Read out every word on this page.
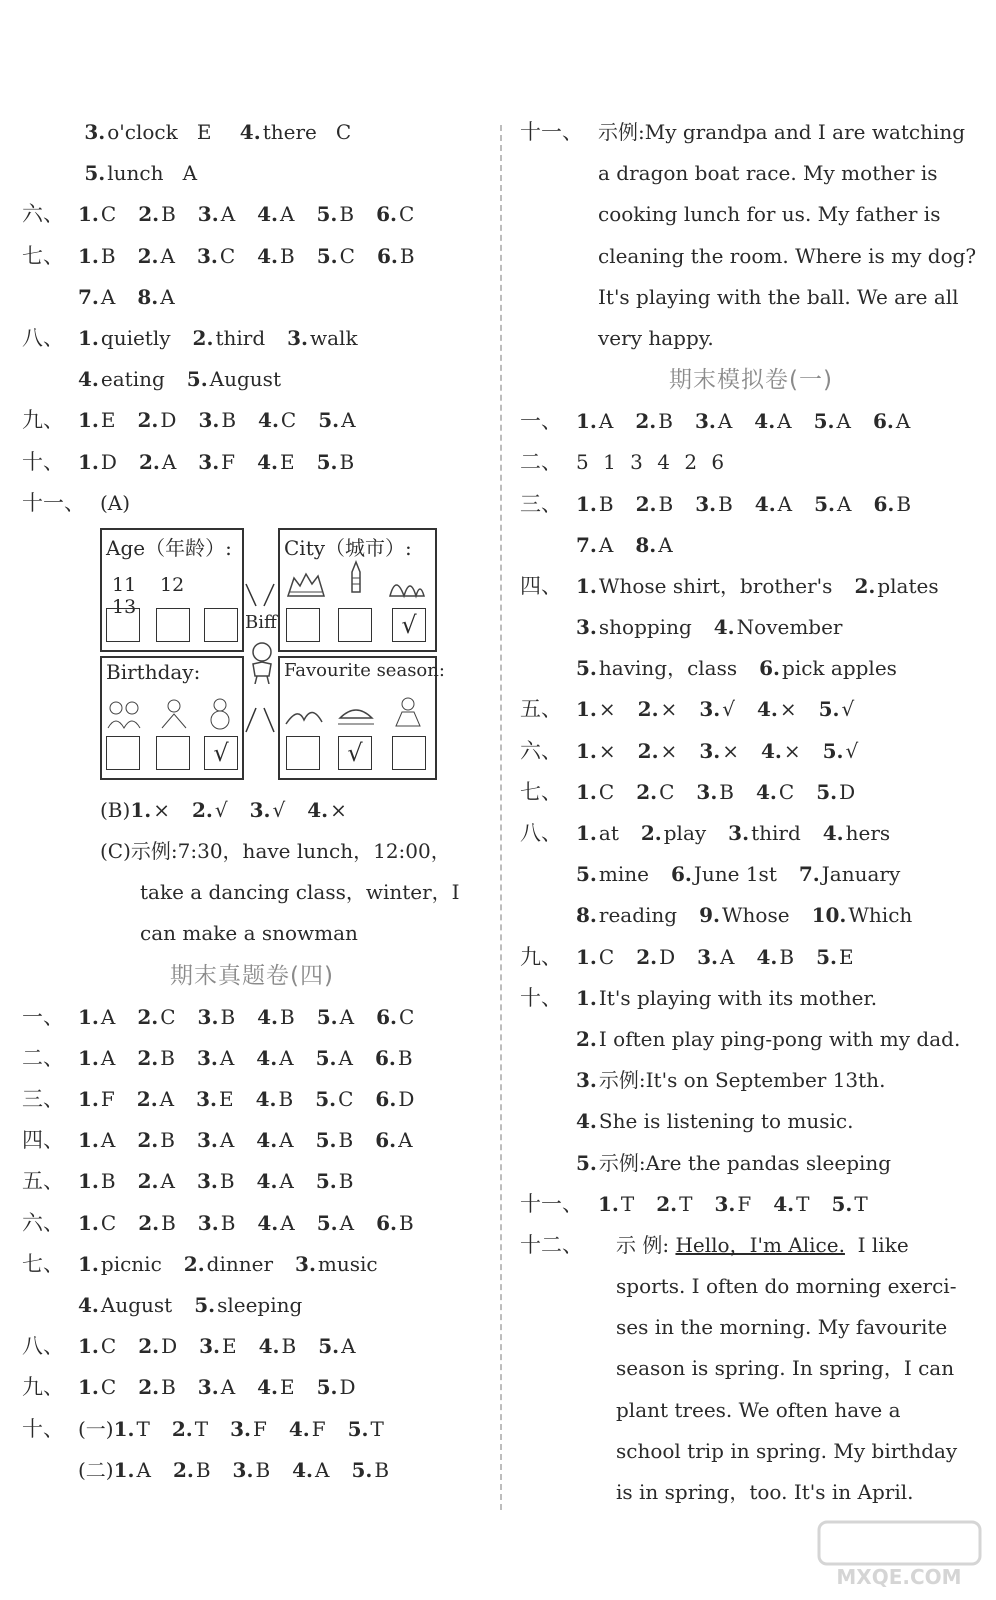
3. o'clock E 4. there C
5. lunch A
六、 1. C 2. B 3. A 4. A 5. B 6. C
七、 1. B 2. A 3. C 4. B 5. C 6. B
7. A 8. A
八、 1. quietly 2. third 3. walk
4. eating 5. August
九、 1. E 2. D 3. B 4. C 5. A
十、 1. D 2. A 3. F 4. E 5. B
十一、 (A)
Age（年龄）:
11 1213
City（城市）:
√
Biff
Birthday:
√
Favourite season:
√
(B)1. × 2. √ 3. √ 4. ×
(C)示例:7:30，have lunch，12:00，
take a dancing class，winter，I
can make a snowman
期末真题卷(四)
一、 1. A 2. C 3. B 4. B 5. A 6. C
二、 1. A 2. B 3. A 4. A 5. A 6. B
三、 1. F 2. A 3. E 4. B 5. C 6. D
四、 1. A 2. B 3. A 4. A 5. B 6. A
五、 1. B 2. A 3. B 4. A 5. B
六、 1. C 2. B 3. B 4. A 5. A 6. B
七、 1. picnic 2. dinner 3. music
4. August 5. sleeping
八、 1. C 2. D 3. E 4. B 5. A
九、 1. C 2. B 3. A 4. E 5. D
十、 (一)1. T 2. T 3. F 4. F 5. T
(二)1. A 2. B 3. B 4. A 5. B
十一、 示例:My grandpa and I are watching
a dragon boat race. My mother is
cooking lunch for us. My father is
cleaning the room. Where is my dog?
It's playing with the ball. We are all
very happy.
期末模拟卷(一)
一、 1. A 2. B 3. A 4. A 5. A 6. A
二、 5 1 3 4 2 6
三、 1. B 2. B 3. B 4. A 5. A 6. B
7. A 8. A
四、 1. Whose shirt，brother's 2. plates
3. shopping 4. November
5. having，class 6. pick apples
五、 1. × 2. × 3. √ 4. × 5. √
六、 1. × 2. × 3. × 4. × 5. √
七、 1. C 2. C 3. B 4. C 5. D
八、 1. at 2. play 3. third 4. hers
5. mine 6. June 1st 7. January
8. reading 9. Whose 10. Which
九、 1. C 2. D 3. A 4. B 5. E
十、 1. It's playing with its mother.
2. I often play ping-pong with my dad.
3. 示例:It's on September 13th.
4. She is listening to music.
5. 示例:Are the pandas sleeping
十一、 1. T 2. T 3. F 4. T 5. T
十二、 示 例: Hello，I'm Alice. I like
sports. I often do morning exerci-
ses in the morning. My favourite
season is spring. In spring，I can
plant trees. We often have a
school trip in spring. My birthday
is in spring，too. It's in April.
MXQE.COM
